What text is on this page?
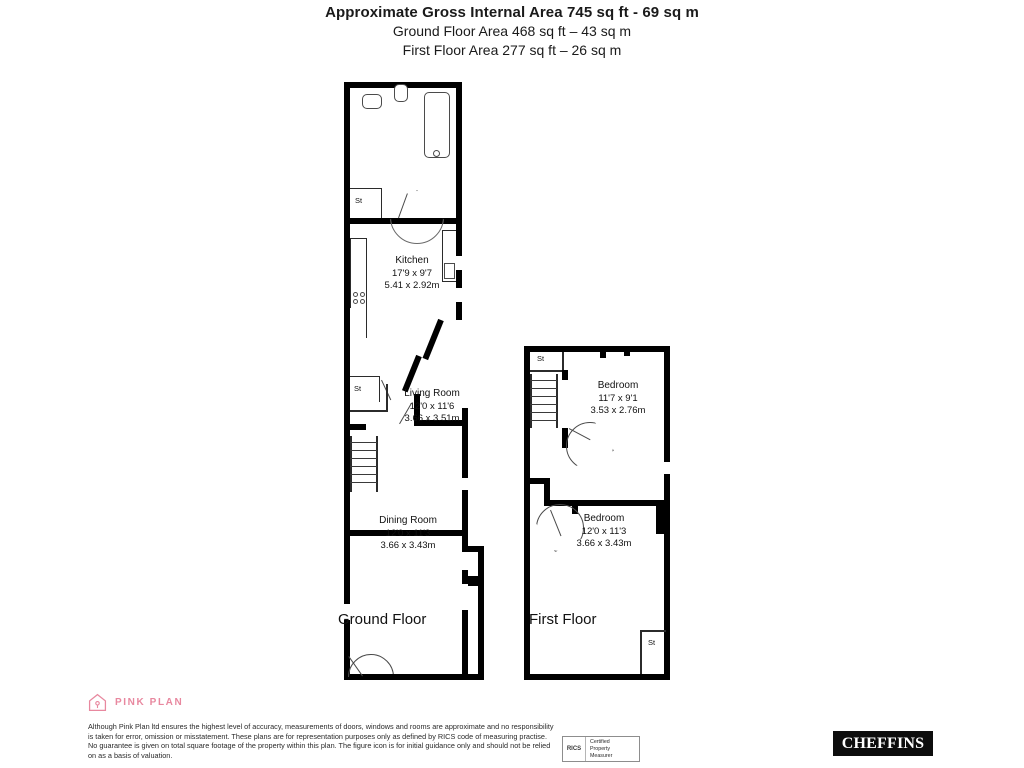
Approximate Gross Internal Area 745 sq ft - 69 sq m
Ground Floor Area 468 sq ft – 43 sq m
First Floor Area 277 sq ft – 26 sq m
St
Kitchen
17'9 x 9'7
5.41 x 2.92m
St	Living Room
12'0 x 11'6
3.66 x 3.51m
Dining Room
12'0 x 11'3
3.66 x 3.43m
Ground Floor
St
Bedroom
11'7 x 9'1
3.53 x 2.76m
St
Bedroom
12'0 x 11'3
3.66 x 3.43m
First Floor
PINK PLAN
Although Pink Plan ltd ensures the highest level of accuracy, measurements of doors, windows and rooms are approximate and no responsibility is taken for error, omission or misstatement. These plans are for representation purposes only as defined by RICS code of measuring practise. No guarantee is given on total square footage of the property within this plan. The figure icon is for initial guidance only and should not be relied on as a basis of valuation.
RICS
Certified
Property
Measurer
CHEFFINS
